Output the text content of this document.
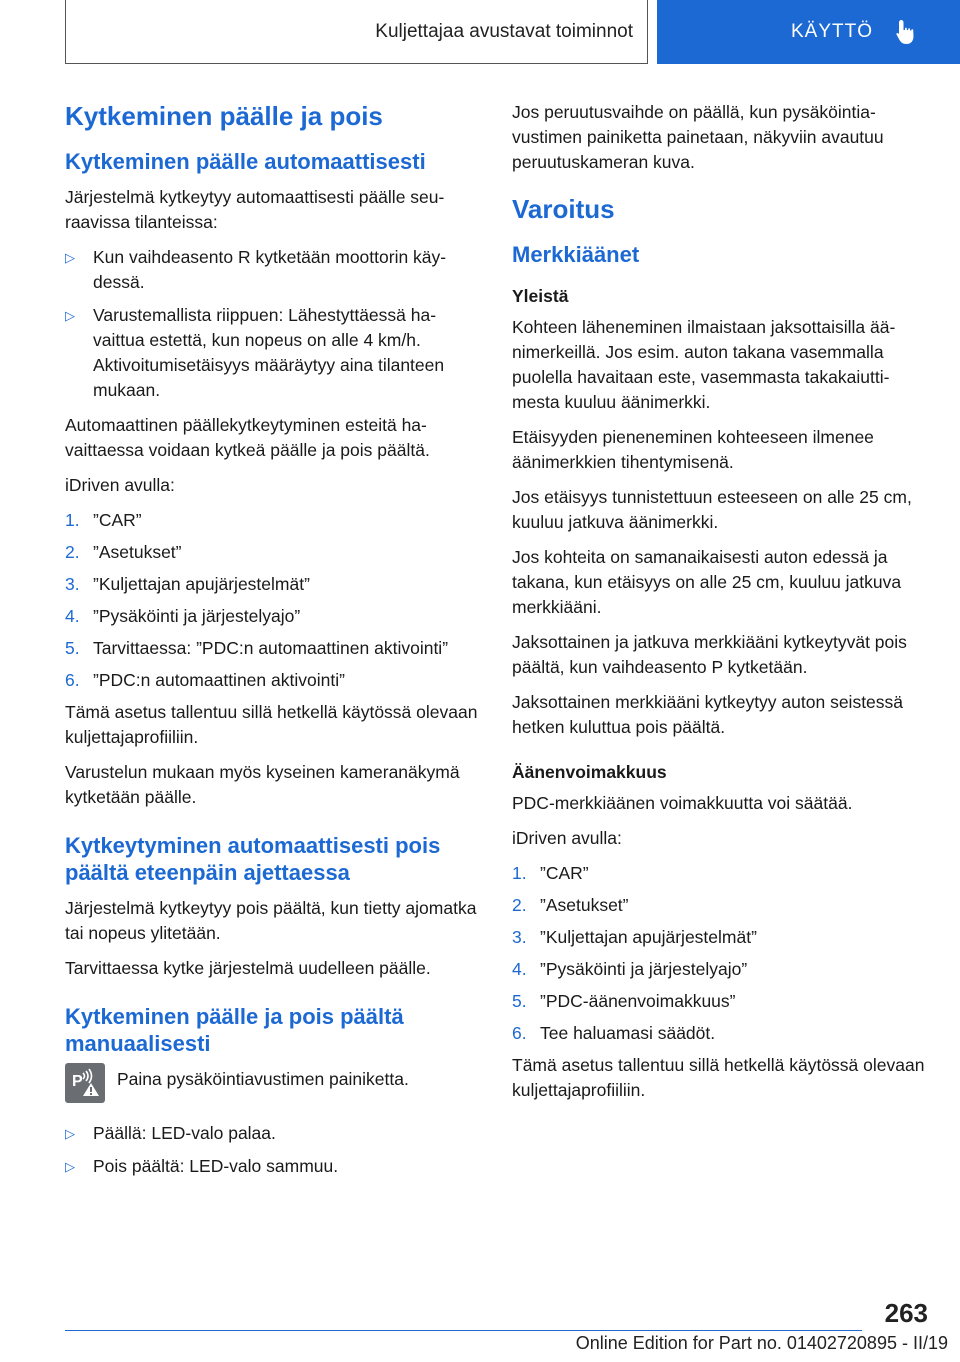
Kuljettajaa avustavat toiminnot	KÄYTTÖ
Kytkeminen päälle ja pois
Kytkeminen päälle automaattisesti

Järjestelmä kytkeytyy automaattisesti päälle seuraavissa tilanteissa:

▷ Kun vaihdeasento R kytketään moottorin käydessä.
▷ Varustemallista riippuen: Lähestyttäessä havaittua estettä, kun nopeus on alle 4 km/h. Aktivoitumisetäisyys määräytyy aina tilanteen mukaan.

Automaattinen päällekytkeytyminen esteitä havaittaessa voidaan kytkeä päälle ja pois päältä.

iDriven avulla:

1. ”CAR”
2. ”Asetukset”
3. ”Kuljettajan apujärjestelmät”
4. ”Pysäköinti ja järjestelyajo”
5. Tarvittaessa: ”PDC:n automaattinen aktivointi”
6. ”PDC:n automaattinen aktivointi”

Tämä asetus tallentuu sillä hetkellä käytössä olevaan kuljettajaprofiiliin.

Varustelun mukaan myös kyseinen kameranäkymä kytketään päälle.

Kytkeytyminen automaattisesti pois päältä eteenpäin ajettaessa

Järjestelmä kytkeytyy pois päältä, kun tietty ajomatka tai nopeus ylitetään.

Tarvittaessa kytke järjestelmä uudelleen päälle.

Kytkeminen päälle ja pois päältä manuaalisesti
P Paina pysäköintiavustimen painiketta.

▷ Päällä: LED-valo palaa.
▷ Pois päältä: LED-valo sammuu.

Jos peruutusvaihde on päällä, kun pysäköintiavustimen painiketta painetaan, näkyviin avautuu peruutuskameran kuva.

Varoitus
Merkkiäänet
Yleistä

Kohteen läheneminen ilmaistaan jaksottaisilla äänimerkeillä. Jos esim. auton takana vasemmalla puolella havaitaan este, vasemmasta takakaiuttimesta kuuluu äänimerkki.

Etäisyyden pieneneminen kohteeseen ilmenee äänimerkkien tihentymisenä.

Jos etäisyys tunnistettuun esteeseen on alle 25 cm, kuuluu jatkuva äänimerkki.

Jos kohteita on samanaikaisesti auton edessä ja takana, kun etäisyys on alle 25 cm, kuuluu jatkuva merkkiääni.

Jaksottainen ja jatkuva merkkiääni kytkeytyvät pois päältä, kun vaihdeasento P kytketään.

Jaksottainen merkkiääni kytkeytyy auton seistessä hetken kuluttua pois päältä.

Äänenvoimakkuus

PDC-merkkiäänen voimakkuutta voi säätää.

iDriven avulla:

1. ”CAR”
2. ”Asetukset”
3. ”Kuljettajan apujärjestelmät”
4. ”Pysäköinti ja järjestelyajo”
5. ”PDC-äänenvoimakkuus”
6. Tee haluamasi säädöt.

Tämä asetus tallentuu sillä hetkellä käytössä olevaan kuljettajaprofiiliin.

263
Online Edition for Part no. 01402720895 - II/19
